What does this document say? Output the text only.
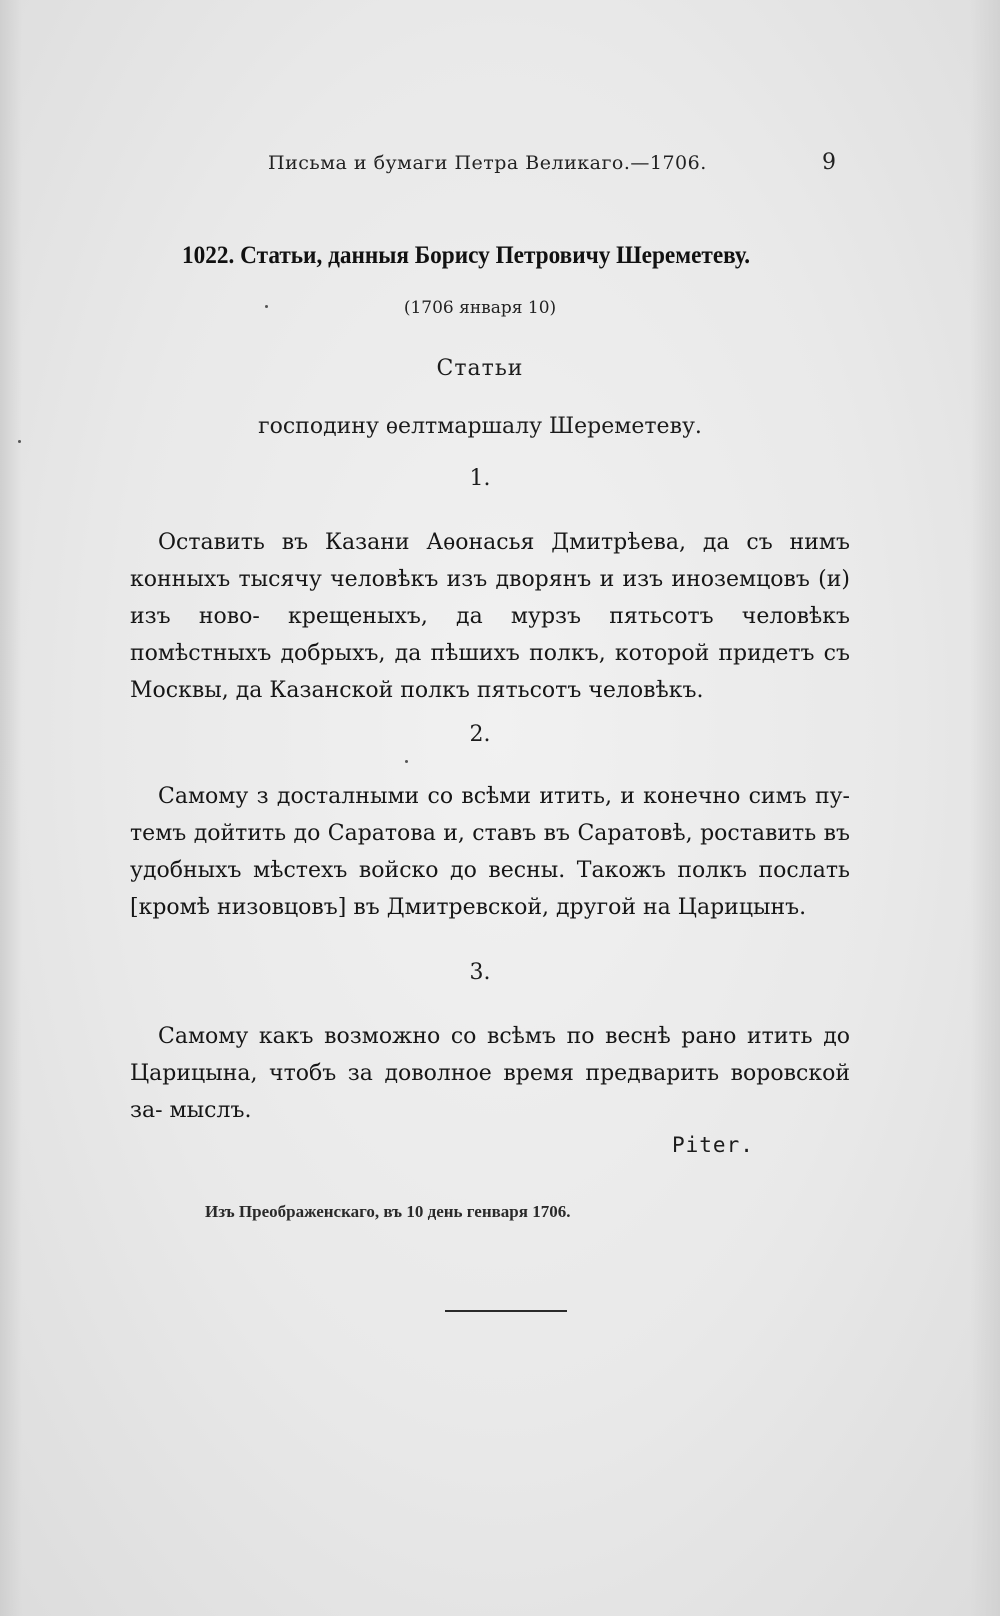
Письма и бумаги Петра Великаго.—1706.	9
1022. Статьи, данныя Борису Петровичу Шереметеву.
(1706 января 10)
Статьи
господину ѳелтмаршалу Шереметеву.
1.
Оставить въ Казани Аѳонасья Дмитрѣева, да съ нимъ конныхъ тысячу человѣкъ изъ дворянъ и изъ иноземцовъ (и) изъ ново- крещеныхъ, да мурзъ пятьсотъ человѣкъ помѣстныхъ добрыхъ, да пѣшихъ полкъ, которой придетъ съ Москвы, да Казанской полкъ пятьсотъ человѣкъ.
2.
Самому з досталными со всѣми итить, и конечно симъ пу- темъ дойтить до Саратова и, ставъ въ Саратовѣ, роставить въ удобныхъ мѣстехъ войско до весны. Такожъ полкъ послать [кромѣ низовцовъ] въ Дмитревской, другой на Царицынъ.
3.
Самому какъ возможно со всѣмъ по веснѣ рано итить до Царицына, чтобъ за доволное время предварить воровской за- мыслъ.
Piter.
Изъ Преображенскаго, въ 10 день генваря 1706.
